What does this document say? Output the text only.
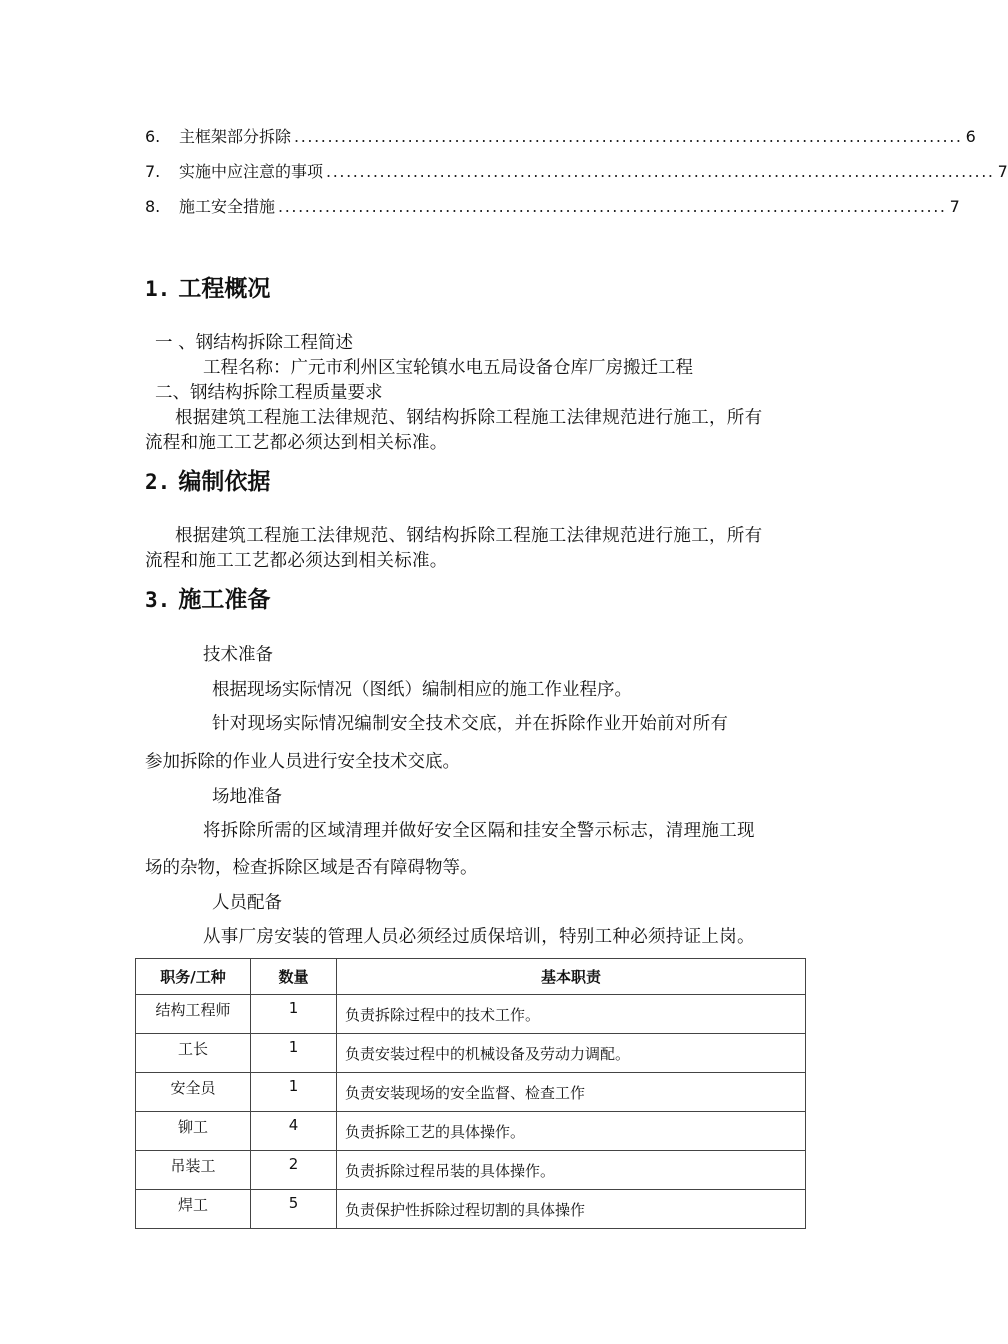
6.	主框架部分拆除 .................................................................................................... 6
7.	实施中应注意的事项 .................................................................................................... 7
8.	施工安全措施 .................................................................................................... 7
1. 工程概况
一 、钢结构拆除工程简述
工程名称：广元市利州区宝轮镇水电五局设备仓库厂房搬迁工程
二、钢结构拆除工程质量要求
根据建筑工程施工法律规范、钢结构拆除工程施工法律规范进行施工，所有
流程和施工工艺都必须达到相关标准。
2. 编制依据
根据建筑工程施工法律规范、钢结构拆除工程施工法律规范进行施工，所有
流程和施工工艺都必须达到相关标准。
3. 施工准备
技术准备
根据现场实际情况（图纸）编制相应的施工作业程序。
针对现场实际情况编制安全技术交底，并在拆除作业开始前对所有
参加拆除的作业人员进行安全技术交底。
场地准备
将拆除所需的区域清理并做好安全区隔和挂安全警示标志，清理施工现
场的杂物，检查拆除区域是否有障碍物等。
人员配备
从事厂房安装的管理人员必须经过质保培训，特别工种必须持证上岗。
职务/工种	数量	基本职责
结构工程师	1	负责拆除过程中的技术工作。
工长	1	负责安装过程中的机械设备及劳动力调配。
安全员	1	负责安装现场的安全监督、检查工作
铆工	4	负责拆除工艺的具体操作。
吊装工	2	负责拆除过程吊装的具体操作。
焊工	5	负责保护性拆除过程切割的具体操作
